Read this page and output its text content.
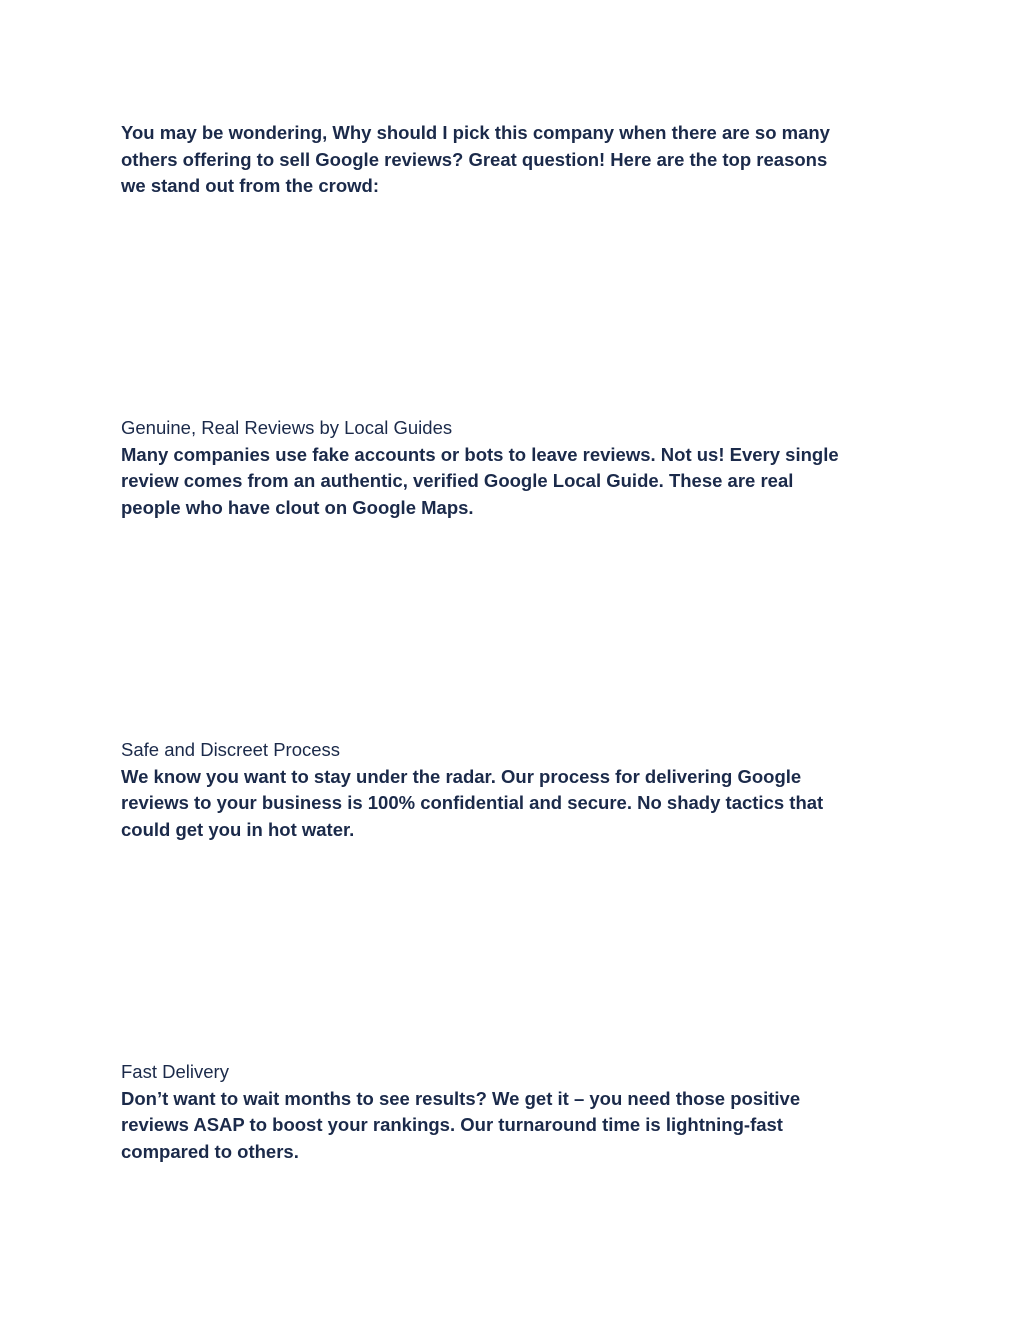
You may be wondering, Why should I pick this company when there are so many

others offering to sell Google reviews? Great question! Here are the top reasons

we stand out from the crowd:

Genuine, Real Reviews by Local Guides

Many companies use fake accounts or bots to leave reviews. Not us! Every single

review comes from an authentic, verified Google Local Guide. These are real

people who have clout on Google Maps.

Safe and Discreet Process

We know you want to stay under the radar. Our process for delivering Google

reviews to your business is 100% confidential and secure. No shady tactics that

could get you in hot water.

Fast Delivery

Don’t want to wait months to see results? We get it – you need those positive

reviews ASAP to boost your rankings. Our turnaround time is lightning-fast

compared to others.
